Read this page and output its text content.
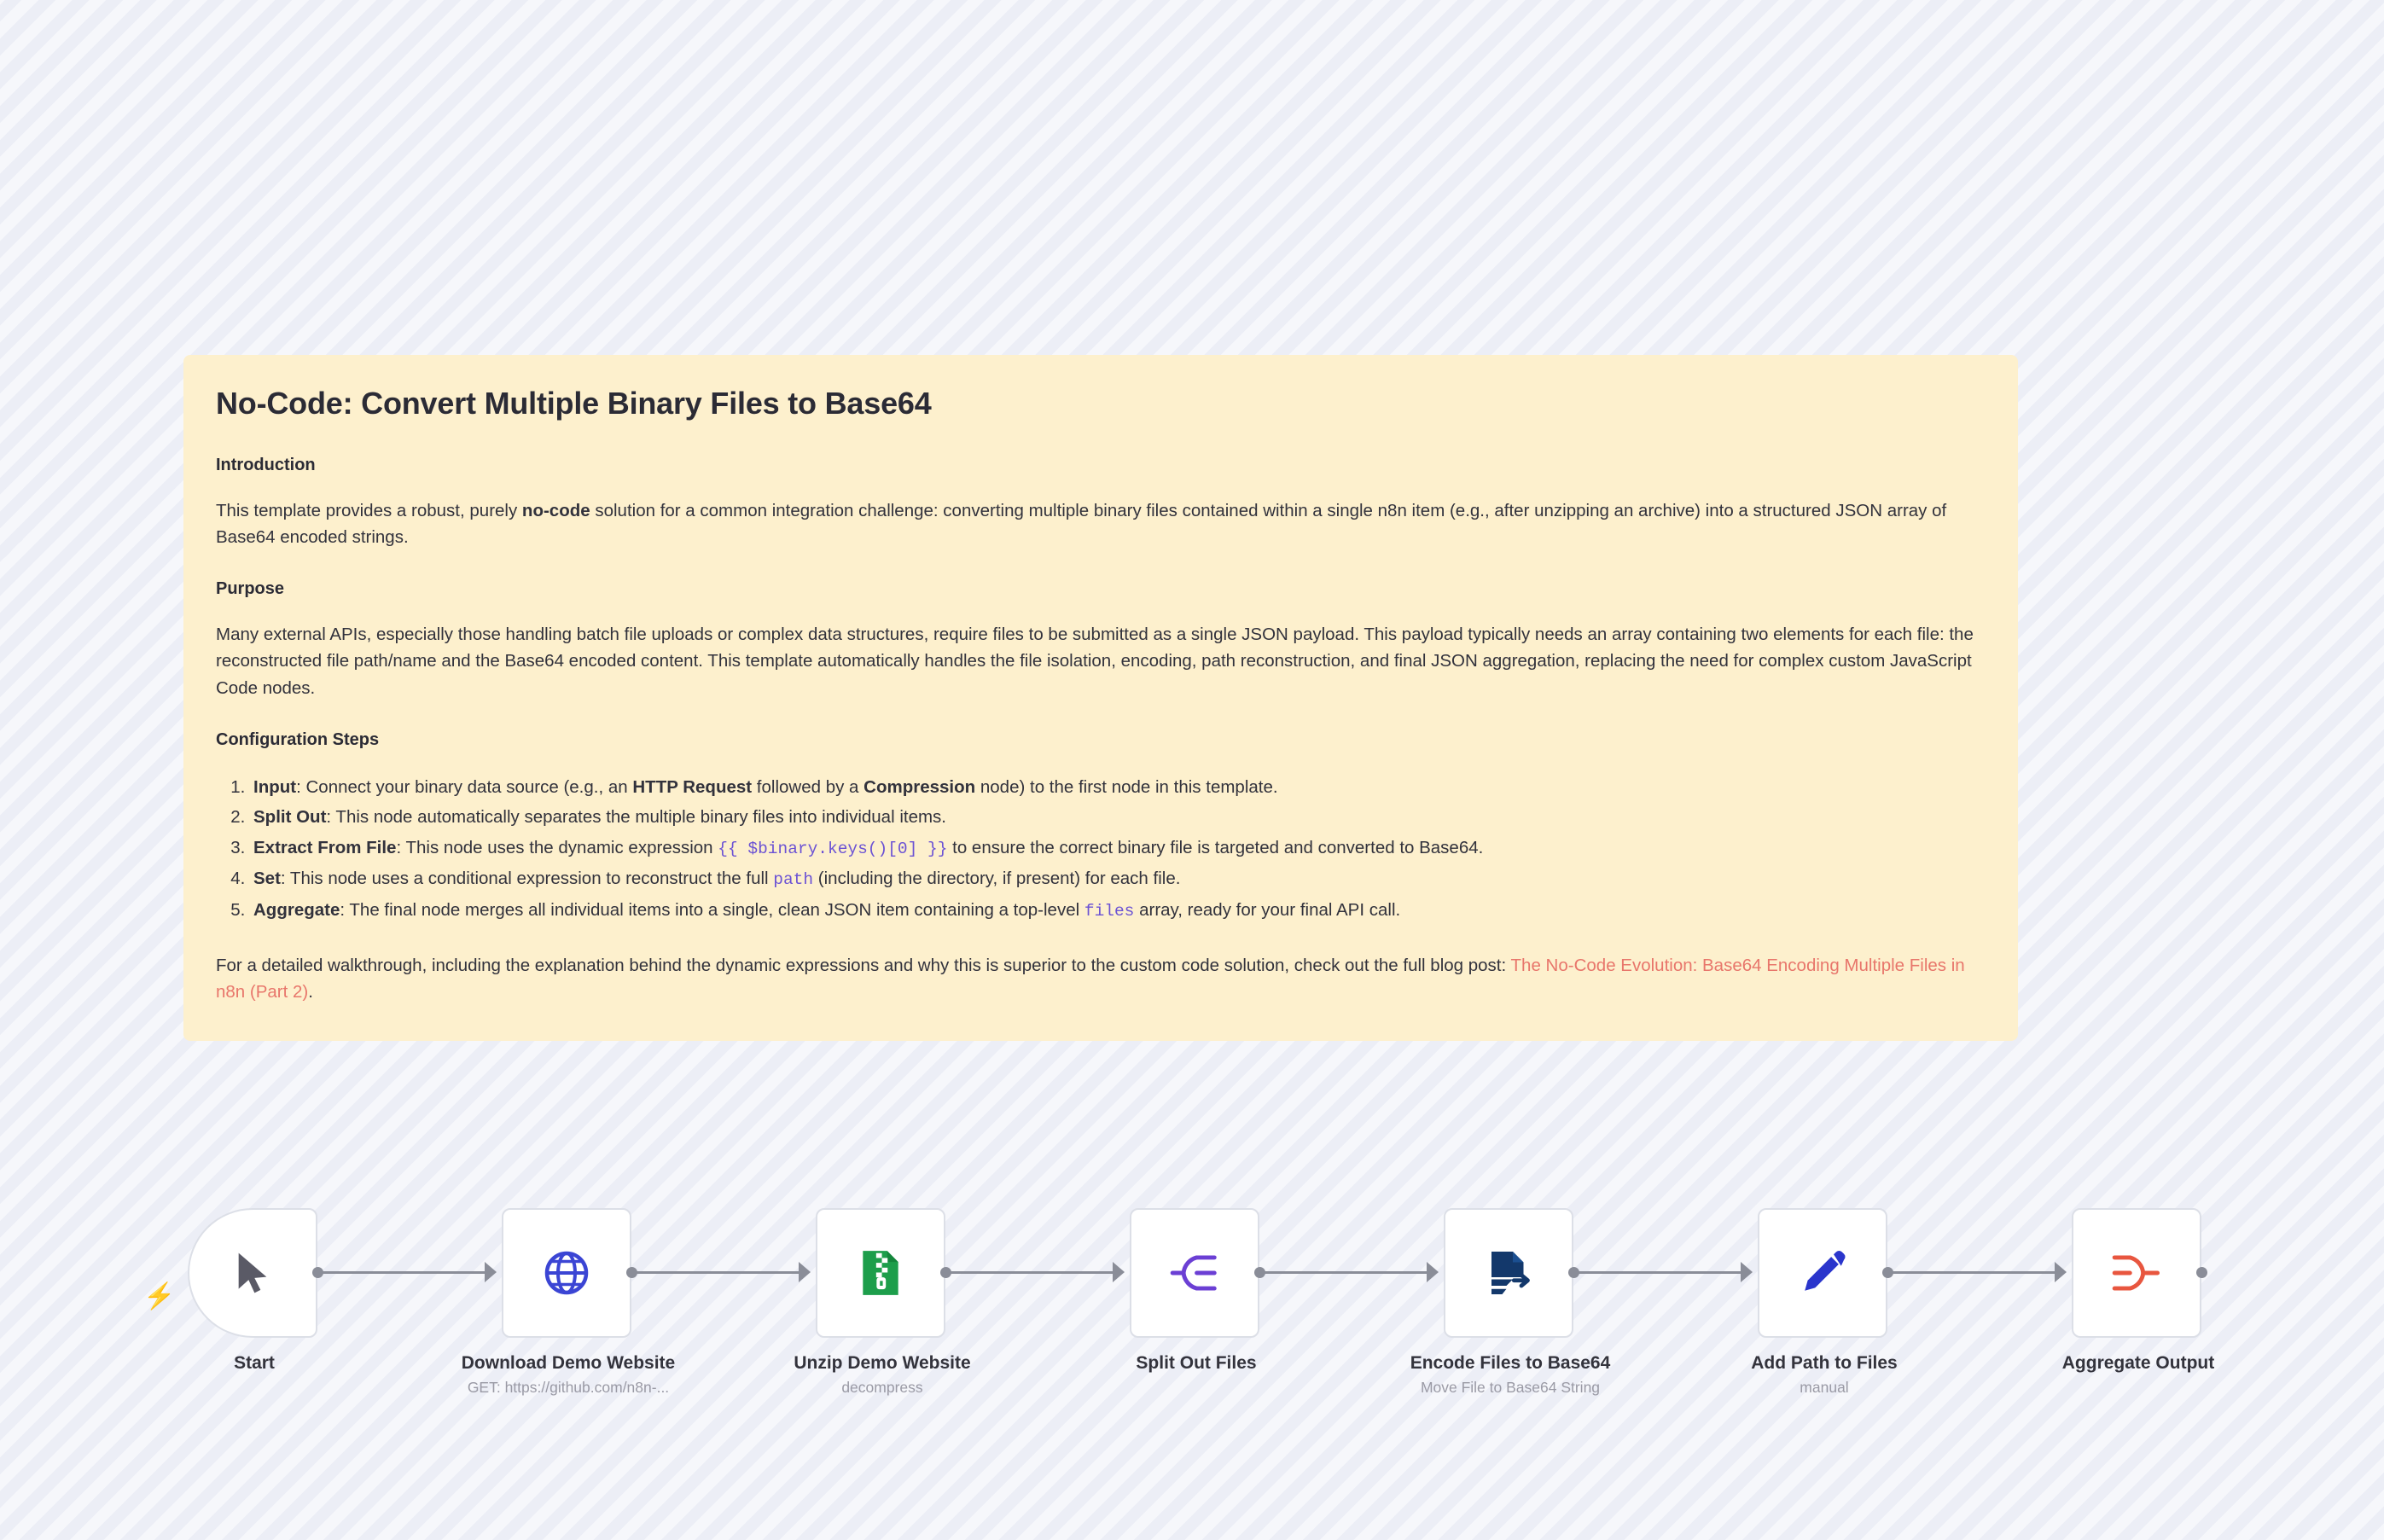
No-Code: Convert Multiple Binary Files to Base64
Introduction

This template provides a robust, purely no-code solution for a common integration challenge: converting multiple binary files contained within a single n8n item (e.g., after unzipping an archive) into a structured JSON array of Base64 encoded strings.

Purpose

Many external APIs, especially those handling batch file uploads or complex data structures, require files to be submitted as a single JSON payload. This payload typically needs an array containing two elements for each file: the reconstructed file path/name and the Base64 encoded content. This template automatically handles the file isolation, encoding, path reconstruction, and final JSON aggregation, replacing the need for complex custom JavaScript Code nodes.

Configuration Steps
1. Input: Connect your binary data source (e.g., an HTTP Request followed by a Compression node) to the first node in this template.
2. Split Out: This node automatically separates the multiple binary files into individual items.
3. Extract From File: This node uses the dynamic expression {{ $binary.keys()[0] }} to ensure the correct binary file is targeted and converted to Base64.
4. Set: This node uses a conditional expression to reconstruct the full path (including the directory, if present) for each file.
5. Aggregate: The final node merges all individual items into a single, clean JSON item containing a top-level files array, ready for your final API call.

For a detailed walkthrough, including the explanation behind the dynamic expressions and why this is superior to the custom code solution, check out the full blog post: The No-Code Evolution: Base64 Encoding Multiple Files in n8n (Part 2).

⚡
Start	Download Demo Website
GET: https://github.com/n8n-...
Unzip Demo Website
decompress
Split Out Files	Encode Files to Base64
Move File to Base64 String
Add Path to Files
manual
Aggregate Output
